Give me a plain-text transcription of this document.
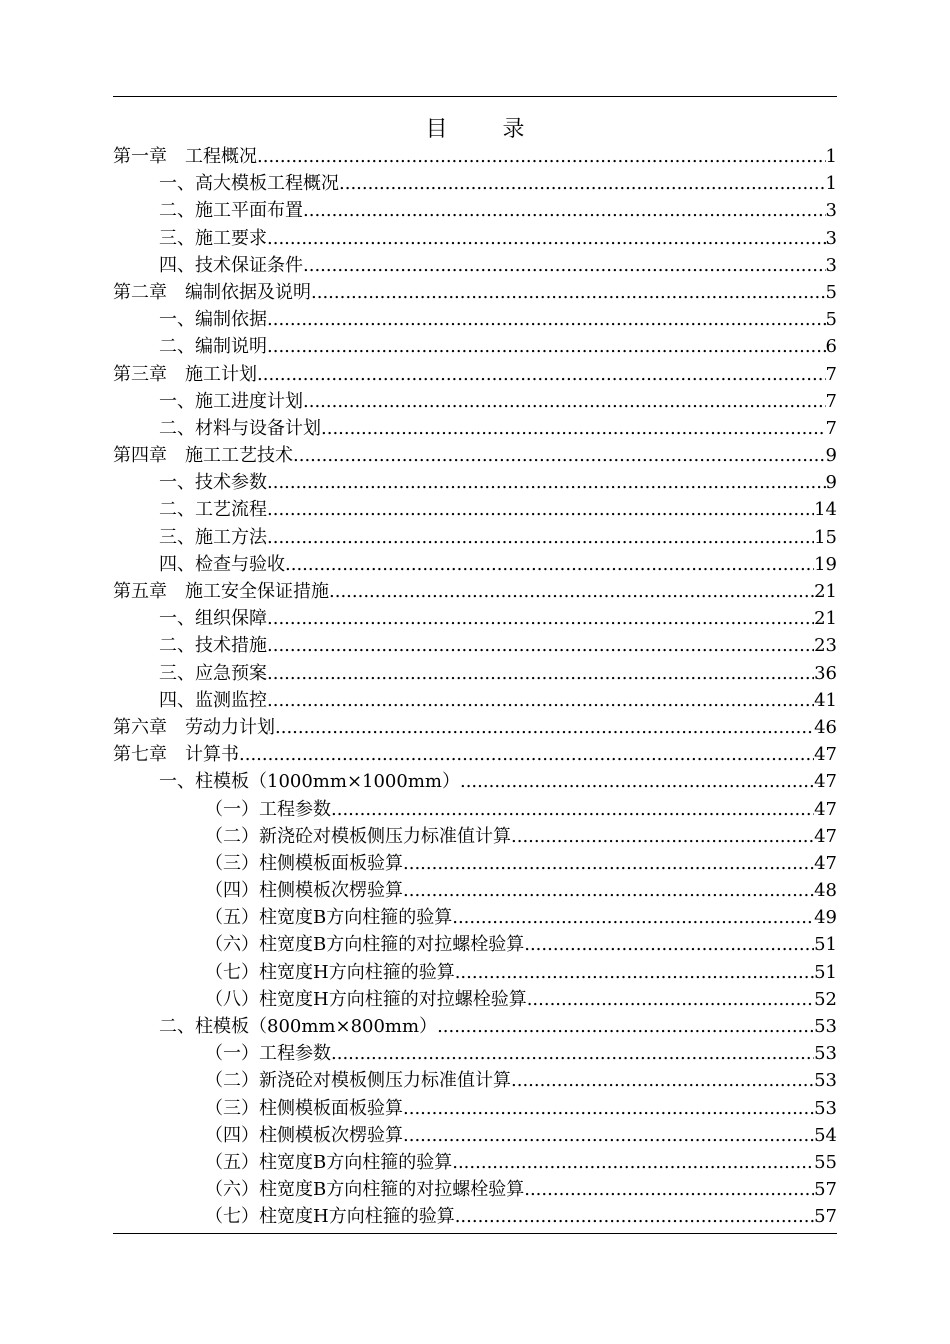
目 录
第一章　工程概况 .....	1
一、高大模板工程概况 .....	1
二、施工平面布置 .....	3
三、施工要求 .....	3
四、技术保证条件 .....	3
第二章　编制依据及说明 .....	5
一、编制依据 .....	5
二、编制说明 .....	6
第三章　施工计划 .....	7
一、施工进度计划 .....	7
二、材料与设备计划 .....	7
第四章　施工工艺技术 .....	9
一、技术参数 .....	9
二、工艺流程 .....	14
三、施工方法 .....	15
四、检查与验收 .....	19
第五章　施工安全保证措施 .....	21
一、组织保障 .....	21
二、技术措施 .....	23
三、应急预案 .....	36
四、监测监控 .....	41
第六章　劳动力计划 .....	46
第七章　计算书 .....	47
一、柱模板（1000mm×1000mm） .....	47
（一）工程参数 .....	47
（二）新浇砼对模板侧压力标准值计算 .....	47
（三）柱侧模板面板验算 .....	47
（四）柱侧模板次楞验算 .....	48
（五）柱宽度B方向柱箍的验算 .....	49
（六）柱宽度B方向柱箍的对拉螺栓验算 .....	51
（七）柱宽度H方向柱箍的验算 .....	51
（八）柱宽度H方向柱箍的对拉螺栓验算 .....	52
二、柱模板（800mm×800mm） .....	53
（一）工程参数 .....	53
（二）新浇砼对模板侧压力标准值计算 .....	53
（三）柱侧模板面板验算 .....	53
（四）柱侧模板次楞验算 .....	54
（五）柱宽度B方向柱箍的验算 .....	55
（六）柱宽度B方向柱箍的对拉螺栓验算 .....	57
（七）柱宽度H方向柱箍的验算 .....	57
